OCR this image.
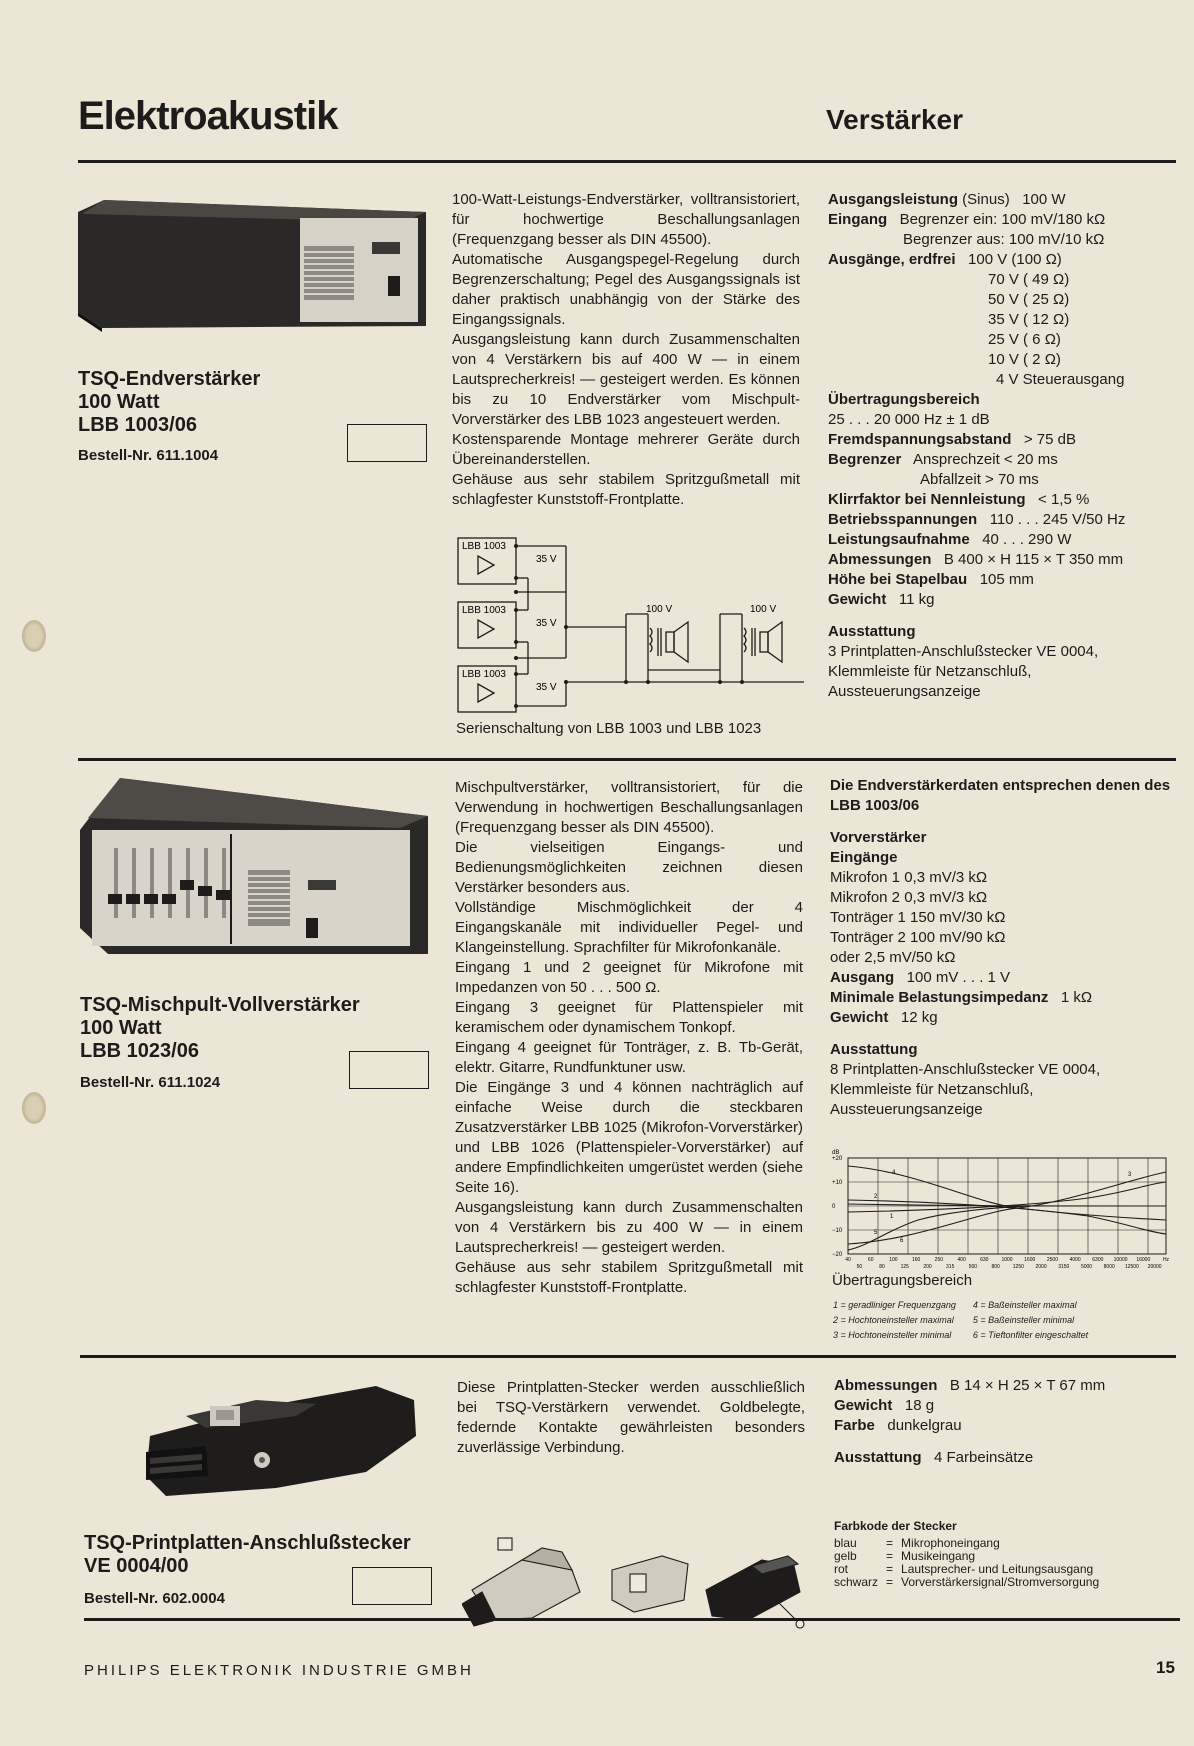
Elektroakustik	Verstärker
TSQ-Endverstärker
100 Watt
LBB 1003/06
Bestell-Nr. 611.1004

100-Watt-Leistungs-Endverstärker, volltransistoriert, für hochwertige Beschallungsanlagen (Frequenzgang besser als DIN 45500).

Automatische Ausgangspegel-Regelung durch Begrenzerschaltung; Pegel des Ausgangssignals ist daher praktisch unabhängig von der Stärke des Eingangssignals.

Ausgangsleistung kann durch Zusammenschalten von 4 Verstärkern bis auf 400 W — in einem Lautsprecherkreis! — gesteigert werden. Es können bis zu 10 Endverstärker vom Mischpult-Vorverstärker des LBB 1023 angesteuert werden.

Kostensparende Montage mehrerer Geräte durch Übereinanderstellen.

Gehäuse aus sehr stabilem Spritzgußmetall mit schlagfester Kunststoff-Frontplatte.

LBB 1003
LBB 1003
LBB 1003
35 V
35 V
35 V
100 V	100 V
Serienschaltung von LBB 1003 und LBB 1023
Ausgangsleistung (Sinus)   100 W
Eingang   Begrenzer ein: 100 mV/180 kΩ
Begrenzer aus: 100 mV/10 kΩ
Ausgänge, erdfrei   100 V (100 Ω)
70 V ( 49 Ω)
50 V ( 25 Ω)
35 V ( 12 Ω)
25 V ( 6 Ω)
10 V ( 2 Ω)
4 V Steuerausgang
Übertragungsbereich
25 . . . 20 000 Hz ± 1 dB
Fremdspannungsabstand   > 75 dB
Begrenzer   Ansprechzeit < 20 ms
Abfallzeit > 70 ms
Klirrfaktor bei Nennleistung   < 1,5 %
Betriebsspannungen   110 . . . 245 V/50 Hz
Leistungsaufnahme   40 . . . 290 W
Abmessungen   B 400 × H 115 × T 350 mm
Höhe bei Stapelbau   105 mm
Gewicht   11 kg
Ausstattung
3 Printplatten-Anschlußstecker VE 0004,
Klemmleiste für Netzanschluß,
Aussteuerungsanzeige
TSQ-Mischpult-Vollverstärker
100 Watt
LBB 1023/06
Bestell-Nr. 611.1024

Mischpultverstärker, volltransistoriert, für die Verwendung in hochwertigen Beschallungsanlagen (Frequenzgang besser als DIN 45500).

Die vielseitigen Eingangs- und Bedienungsmöglichkeiten zeichnen diesen Verstärker besonders aus.

Vollständige Mischmöglichkeit der 4 Eingangskanäle mit individueller Pegel- und Klangeinstellung. Sprachfilter für Mikrofonkanäle.

Eingang 1 und 2 geeignet für Mikrofone mit Impedanzen von 50 . . . 500 Ω.

Eingang 3 geeignet für Plattenspieler mit keramischem oder dynamischem Tonkopf.

Eingang 4 geeignet für Tonträger, z. B. Tb-Gerät, elektr. Gitarre, Rundfunktuner usw.

Die Eingänge 3 und 4 können nachträglich auf einfache Weise durch die steckbaren Zusatzverstärker LBB 1025 (Mikrofon-Vorverstärker) und LBB 1026 (Plattenspieler-Vorverstärker) auf andere Empfindlichkeiten umgerüstet werden (siehe Seite 16).

Ausgangsleistung kann durch Zusammenschalten von 4 Verstärkern bis zu 400 W — in einem Lautsprecherkreis! — gesteigert werden.

Gehäuse aus sehr stabilem Spritzgußmetall mit schlagfester Kunststoff-Frontplatte.

Die Endverstärkerdaten entsprechen denen des LBB 1003/06
Vorverstärker
Eingänge
Mikrofon 1 0,3 mV/3 kΩ
Mikrofon 2 0,3 mV/3 kΩ
Tonträger 1 150 mV/30 kΩ
Tonträger 2 100 mV/90 kΩ
oder 2,5 mV/50 kΩ
Ausgang   100 mV . . . 1 V
Minimale Belastungsimpedanz   1 kΩ
Gewicht   12 kg
Ausstattung
8 Printplatten-Anschlußstecker VE 0004,
Klemmleiste für Netzanschluß,
Aussteuerungsanzeige
dB
+20
+10
0
−10
−20
40
50
60
80
100
125
160
200
250
315
400
500
630
800
1000
1250
1600
2000
2500
3150
4000
5000
6300
8000
10000
12500
16000
20000
Hz
4
2
1
5
6
3
Übertragungsbereich
1 = geradliniger Frequenzgang	4 = Baßeinsteller maximal
2 = Hochtoneinsteller maximal	5 = Baßeinsteller minimal
3 = Hochtoneinsteller minimal	6 = Tieftonfilter eingeschaltet
TSQ-Printplatten-Anschlußstecker
VE 0004/00
Bestell-Nr. 602.0004

Diese Printplatten-Stecker werden ausschließlich bei TSQ-Verstärkern verwendet. Goldbelegte, federnde Kontakte gewährleisten besonders zuverlässige Verbindung.

Abmessungen   B 14 × H 25 × T 67 mm
Gewicht   18 g
Farbe   dunkelgrau
Ausstattung   4 Farbeinsätze
Farbkode der Stecker
blau	=	Mikrophoneingang
gelb	=	Musikeingang
rot	=	Lautsprecher- und Leitungsausgang
schwarz	=	Vorverstärkersignal/Stromversorgung
PHILIPS ELEKTRONIK INDUSTRIE GMBH	15
